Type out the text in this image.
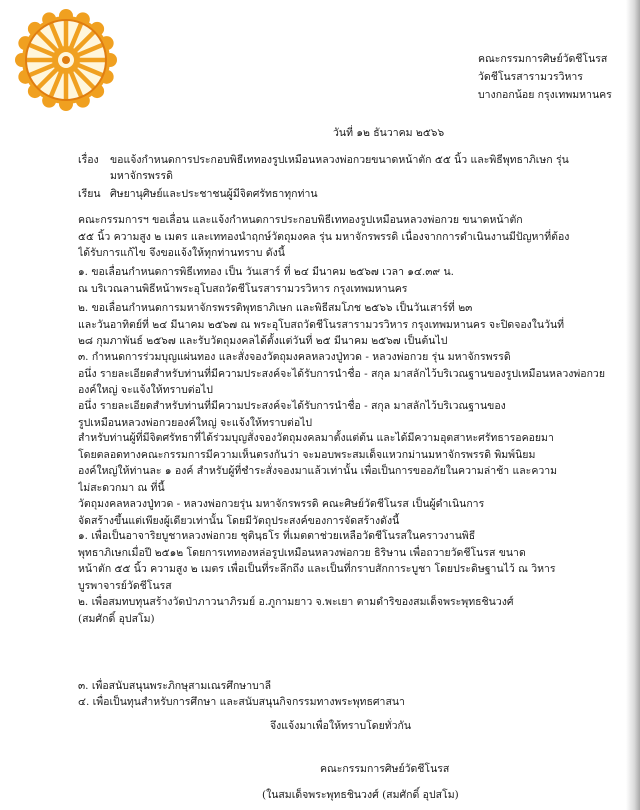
คณะกรรมการศิษย์วัดชีโนรส
วัดชีโนรสารามวรวิหาร
บางกอกน้อย กรุงเทพมหานคร
วันที่ ๑๒ ธันวาคม ๒๕๖๖
เรื่อง ขอแจ้งกำหนดการประกอบพิธีเททองรูปเหมือนหลวงพ่อกวยขนาดหน้าตัก ๕๕ นิ้ว และพิธีพุทธาภิเษก รุ่น
มหาจักรพรรดิ
เรียน ศิษยานุศิษย์และประชาชนผู้มีจิตศรัทธาทุกท่าน
คณะกรรมการฯ ขอเลื่อน และแจ้งกำหนดการประกอบพิธีเททองรูปเหมือนหลวงพ่อกวย ขนาดหน้าตัก
๕๕ นิ้ว ความสูง ๒ เมตร และเททองนำฤกษ์วัตถุมงคล รุ่น มหาจักรพรรดิ เนื่องจากการดำเนินงานมีปัญหาที่ต้อง
ได้รับการแก้ไข จึงขอแจ้งให้ทุกท่านทราบ ดังนี้
๑. ขอเลื่อนกำหนดการพิธีเททอง เป็น วันเสาร์ ที่ ๒๔ มีนาคม ๒๕๖๗ เวลา ๑๔.๓๙ น.
ณ บริเวณลานพิธีหน้าพระอุโบสถวัดชีโนรสารามวรวิหาร กรุงเทพมหานคร
๒. ขอเลื่อนกำหนดการมหาจักรพรรดิพุทธาภิเษก และพิธีสมโภช ๒๕๖๖ เป็นวันเสาร์ที่ ๒๓
และวันอาทิตย์ที่ ๒๔ มีนาคม ๒๕๖๗ ณ พระอุโบสถวัดชีโนรสารามวรวิหาร กรุงเทพมหานคร จะปิดจองในวันที่
๒๘ กุมภาพันธ์ ๒๕๖๗ และรับวัตถุมงคลได้ตั้งแต่วันที่ ๒๕ มีนาคม ๒๕๖๗ เป็นต้นไป
๓. กำหนดการร่วมบุญแผ่นทอง และสั่งจองวัตถุมงคลหลวงปู่ทวด - หลวงพ่อกวย รุ่น มหาจักรพรรดิ
อนึ่ง รายละเอียดสำหรับท่านที่มีความประสงค์จะได้รับการนำชื่อ - สกุล มาสลักไว้บริเวณฐานของรูปเหมือนหลวงพ่อกวย
องค์ใหญ่ จะแจ้งให้ทราบต่อไป
อนึ่ง รายละเอียดสำหรับท่านที่มีความประสงค์จะได้รับการนำชื่อ - สกุล มาสลักไว้บริเวณฐานของ
รูปเหมือนหลวงพ่อกวยองค์ใหญ่ จะแจ้งให้ทราบต่อไป
สำหรับท่านผู้ที่มีจิตศรัทธาที่ได้ร่วมบุญสั่งจองวัตถุมงคลมาตั้งแต่ต้น และได้มีความอุตสาหะศรัทธารอคอยมา
โดยตลอดทางคณะกรรมการมีความเห็นตรงกันว่า จะมอบพระสมเด็จแหวกม่านมหาจักรพรรดิ พิมพ์นิยม
องค์ใหญ่ให้ท่านละ ๑ องค์ สำหรับผู้ที่ชำระสั่งจองมาแล้วเท่านั้น เพื่อเป็นการขออภัยในความล่าช้า และความ
ไม่สะดวกมา ณ ที่นี้
วัตถุมงคลหลวงปู่ทวด - หลวงพ่อกวยรุ่น มหาจักรพรรดิ คณะศิษย์วัดชีโนรส เป็นผู้ดำเนินการ
จัดสร้างขึ้นแต่เพียงผู้เดียวเท่านั้น โดยมีวัตถุประสงค์ของการจัดสร้างดังนี้
๑. เพื่อเป็นอาจาริยบูชาหลวงพ่อกวย ชุตินฺธโร ที่เมตตาช่วยเหลือวัดชีโนรสในคราวงานพิธี
พุทธาภิเษกเมื่อปี ๒๕๑๒ โดยการเททองหล่อรูปเหมือนหลวงพ่อกวย ธิริษาน เพื่อถวายวัดชีโนรส ขนาด
หน้าตัก ๕๕ นิ้ว ความสูง ๒ เมตร เพื่อเป็นที่ระลึกถึง และเป็นที่กราบสักการะบูชา โดยประดิษฐานไว้ ณ วิหาร
บูรพาจารย์วัดชีโนรส
๒. เพื่อสมทบทุนสร้างวัดป่าภาวนาภิรมย์ อ.ภูกามยาว จ.พะเยา ตามดำริของสมเด็จพระพุทธชินวงศ์
(สมศักดิ์ อุปสโม)
๓. เพื่อสนับสนุนพระภิกษุสามเณรศึกษาบาลี
๔. เพื่อเป็นทุนสำหรับการศึกษา และสนับสนุนกิจกรรมทางพระพุทธศาสนา
จึงแจ้งมาเพื่อให้ทราบโดยทั่วกัน
คณะกรรมการศิษย์วัดชีโนรส
(ในสมเด็จพระพุทธชินวงศ์ (สมศักดิ์ อุปสโม)
